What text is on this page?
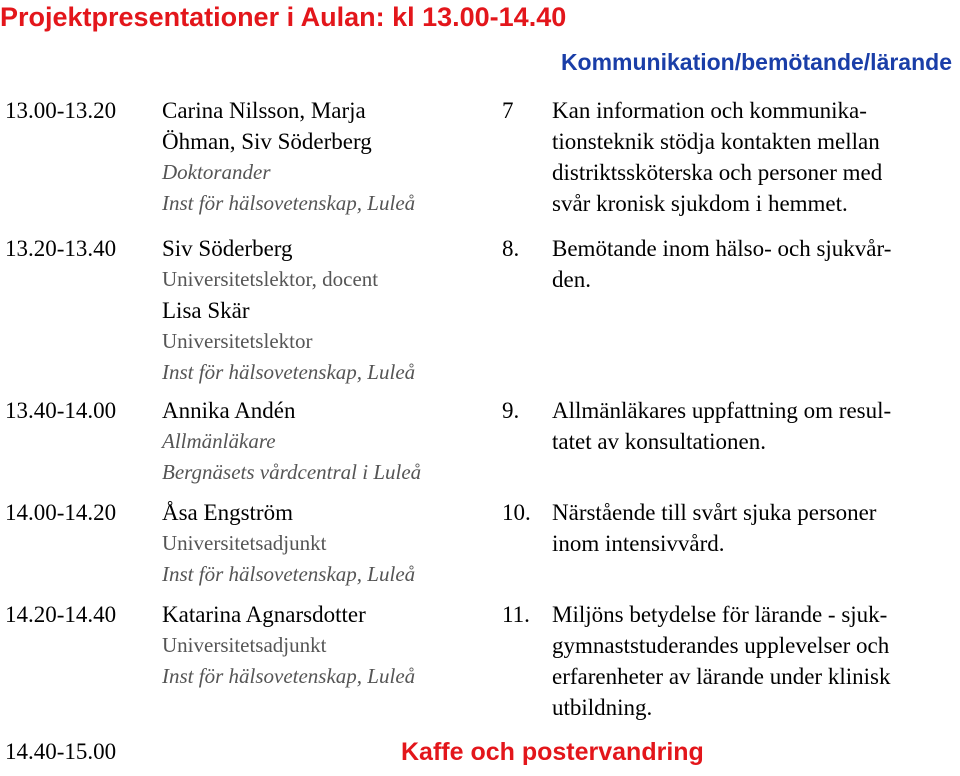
Projektpresentationer i Aulan: kl 13.00-14.40
Kommunikation/bemötande/lärande
13.00-13.20 Carina Nilsson, Marja
Öhman, Siv Söderberg
Doktorander
Inst för hälsovetenskap, Luleå
13.20-13.40 Siv Söderberg
Universitetslektor, docent
Lisa Skär
Universitetslektor
Inst för hälsovetenskap, Luleå
13.40-14.00 Annika Andén
Allmänläkare
Bergnäsets vårdcentral i Luleå
14.00-14.20 Åsa Engström
Universitetsadjunkt
Inst för hälsovetenskap, Luleå
14.20-14.40 Katarina Agnarsdotter
Universitetsadjunkt
Inst för hälsovetenskap, Luleå
7 Kan information och kommunika-
tionsteknik stödja kontakten mellan
distriktssköterska och personer med
svår kronisk sjukdom i hemmet.
8. Bemötande inom hälso- och sjukvår-
den.
9. Allmänläkares uppfattning om resul-
tatet av konsultationen.
10. Närstående till svårt sjuka personer
inom intensivvård.
11. Miljöns betydelse för lärande - sjuk-
gymnaststuderandes upplevelser och
erfarenheter av lärande under klinisk
utbildning.
14.40-15.00	Kaffe och postervandring
